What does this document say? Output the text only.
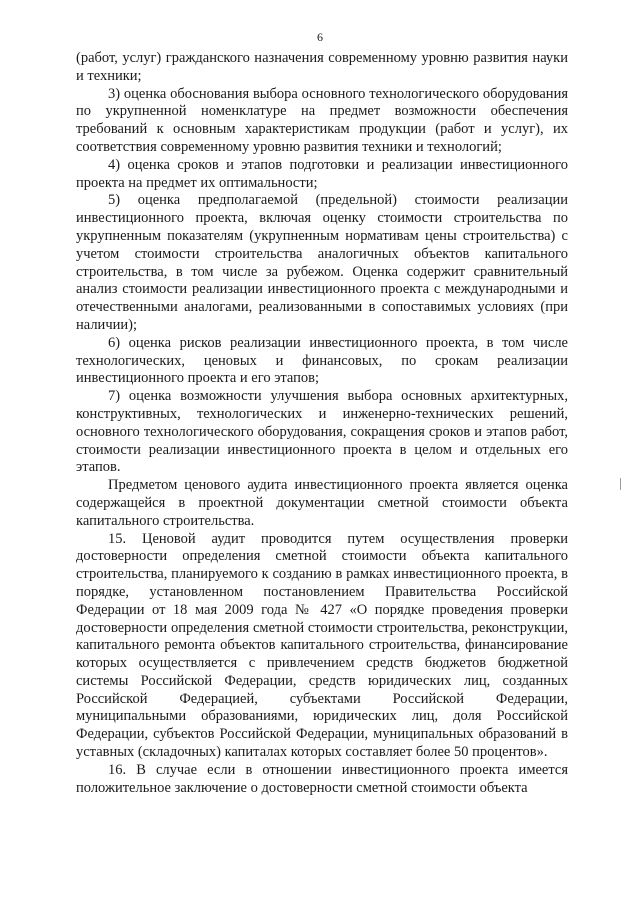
6

(работ, услуг) гражданского назначения современному уровню развития науки и техники;

3) оценка обоснования выбора основного технологического оборудования по укрупненной номенклатуре на предмет возможности обеспечения требований к основным характеристикам продукции (работ и услуг), их соответствия современному уровню развития техники и технологий;

4) оценка сроков и этапов подготовки и реализации инвестиционного проекта на предмет их оптимальности;

5) оценка предполагаемой (предельной) стоимости реализации инвестиционного проекта, включая оценку стоимости строительства по укрупненным показателям (укрупненным нормативам цены строительства) с учетом стоимости строительства аналогичных объектов капитального строительства, в том числе за рубежом. Оценка содержит сравнительный анализ стоимости реализации инвестиционного проекта с международными и отечественными аналогами, реализованными в сопоставимых условиях (при наличии);

6) оценка рисков реализации инвестиционного проекта, в том числе технологических, ценовых и финансовых, по срокам реализации инвестиционного проекта и его этапов;

7) оценка возможности улучшения выбора основных архитектурных, конструктивных, технологических и инженерно-технических решений, основного технологического оборудования, сокращения сроков и этапов работ, стоимости реализации инвестиционного проекта в целом и отдельных его этапов.

Предметом ценового аудита инвестиционного проекта является оценка содержащейся в проектной документации сметной стоимости объекта капитального строительства.

15. Ценовой аудит проводится путем осуществления проверки достоверности определения сметной стоимости объекта капитального строительства, планируемого к созданию в рамках инвестиционного проекта, в порядке, установленном постановлением Правительства Российской Федерации от 18 мая 2009 года № 427 «О порядке проведения проверки достоверности определения сметной стоимости строительства, реконструкции, капитального ремонта объектов капитального строительства, финансирование которых осуществляется с привлечением средств бюджетов бюджетной системы Российской Федерации, средств юридических лиц, созданных Российской Федерацией, субъектами Российской Федерации, муниципальными образованиями, юридических лиц, доля Российской Федерации, субъектов Российской Федерации, муниципальных образований в уставных (складочных) капиталах которых составляет более 50 процентов».

16. В случае если в отношении инвестиционного проекта имеется положительное заключение о достоверности сметной стоимости объекта
